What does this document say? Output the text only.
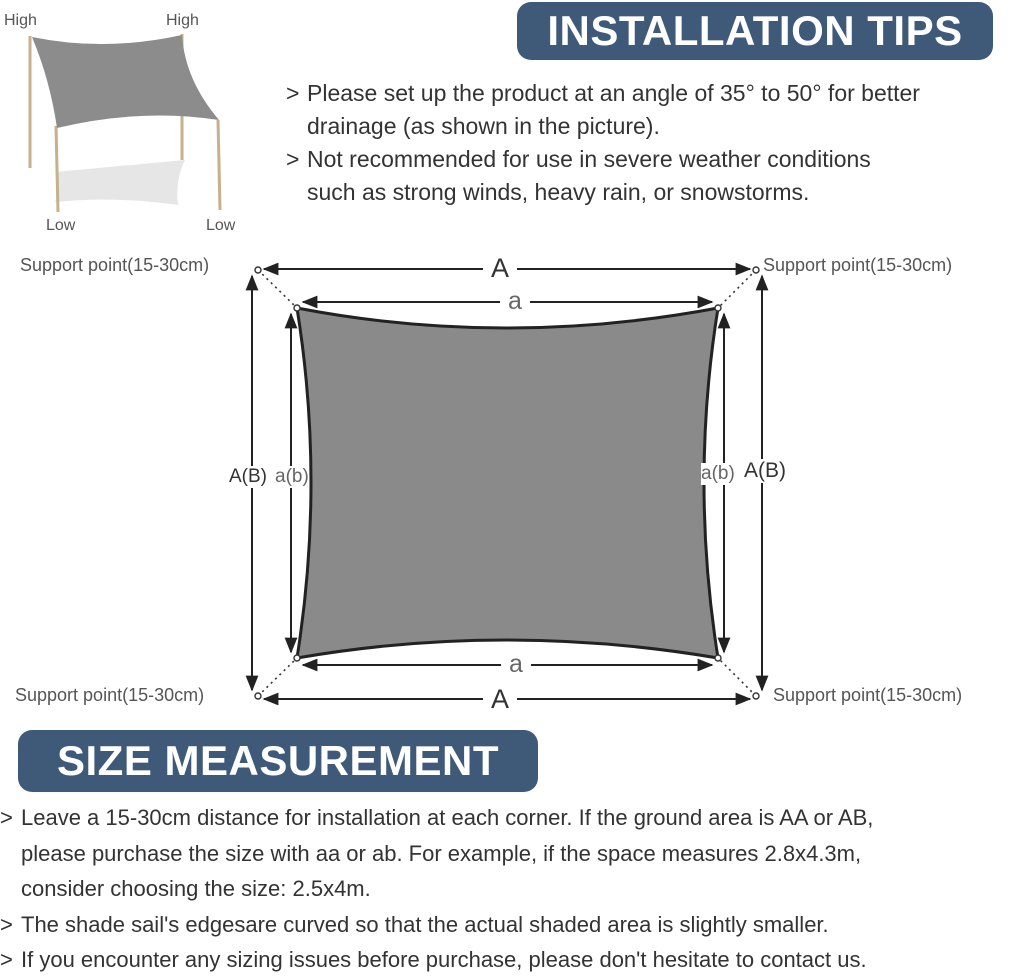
High	High
Low	Low
INSTALLATION TIPS
> Please set up the product at an angle of 35° to 50° for better
drainage (as shown in the picture).
> Not recommended for use in severe weather conditions
such as strong winds, heavy rain, or snowstorms.
Support point(15-30cm)	Support point(15-30cm)
Support point(15-30cm)	Support point(15-30cm)
A
A
a
a
A(B) a(b)	a(b) A(B)
SIZE MEASUREMENT
> Leave a 15-30cm distance for installation at each corner. If the ground area is AA or AB,
please purchase the size with aa or ab. For example, if the space measures 2.8x4.3m,
consider choosing the size: 2.5x4m.
> The shade sail's edgesare curved so that the actual shaded area is slightly smaller.
> If you encounter any sizing issues before purchase, please don't hesitate to contact us.
